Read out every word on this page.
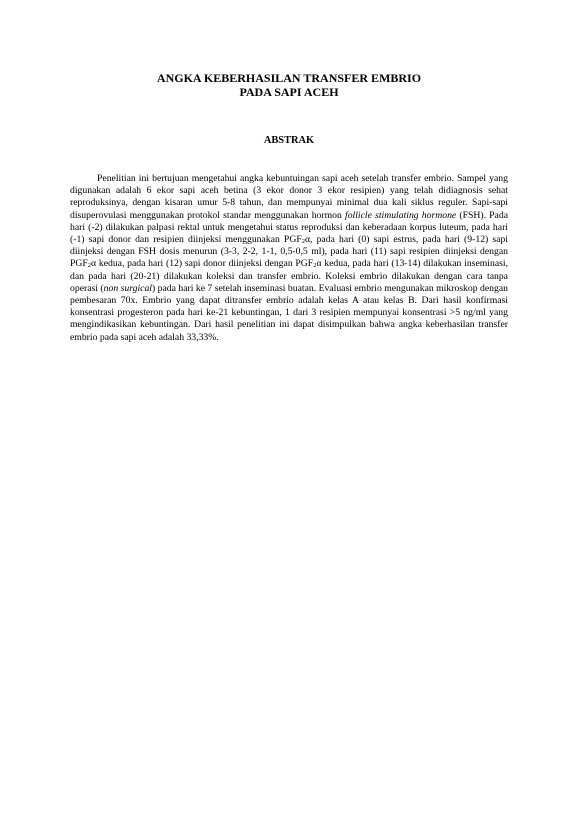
ANGKA KEBERHASILAN TRANSFER EMBRIO
PADA SAPI ACEH
ABSTRAK

Penelitian ini bertujuan mengetahui angka kebuntuingan sapi aceh setelah transfer embrio. Sampel yang digunakan adalah 6 ekor sapi aceh betina (3 ekor donor 3 ekor resipien) yang telah didiagnosis sehat reproduksinya, dengan kisaran umur 5-8 tahun, dan mempunyai minimal dua kali siklus reguler. Sapi-sapi disuperovulasi menggunakan protokol standar menggunakan hormon follicle stimulating hormone (FSH). Pada hari (-2) dilakukan palpasi rektal untuk mengetahui status reproduksi dan keberadaan korpus luteum, pada hari (-1) sapi donor dan resipien diinjeksi menggunakan $PGF_2\alpha$, pada hari (0) sapi estrus, pada hari (9-12) sapi diinjeksi dengan FSH dosis menurun (3-3, 2-2, 1-1, 0,5-0,5 ml), pada hari (11) sapi resipien diinjeksi dengan $PGF_2\alpha$ kedua, pada hari (12) sapi donor diinjeksi dengan $PGF_2\alpha$ kedua, pada hari (13-14) dilakukan inseminasi, dan pada hari (20-21) dilakukan koleksi dan transfer embrio. Koleksi embrio dilakukan dengan cara tanpa operasi (non surgical) pada hari ke 7 setelah inseminasi buatan. Evaluasi embrio mengunakan mikroskop dengan pembesaran 70x. Embrio yang dapat ditransfer embrio adalah kelas A atau kelas B. Dari hasil konfirmasi konsentrasi progesteron pada hari ke-21 kebuntingan, 1 dari 3 resipien mempunyai konsentrasi >5 ng/ml yang mengindikasikan kebuntingan. Dari hasil penelitian ini dapat disimpulkan bahwa angka keberhasilan transfer embrio pada sapi aceh adalah 33,33%.
